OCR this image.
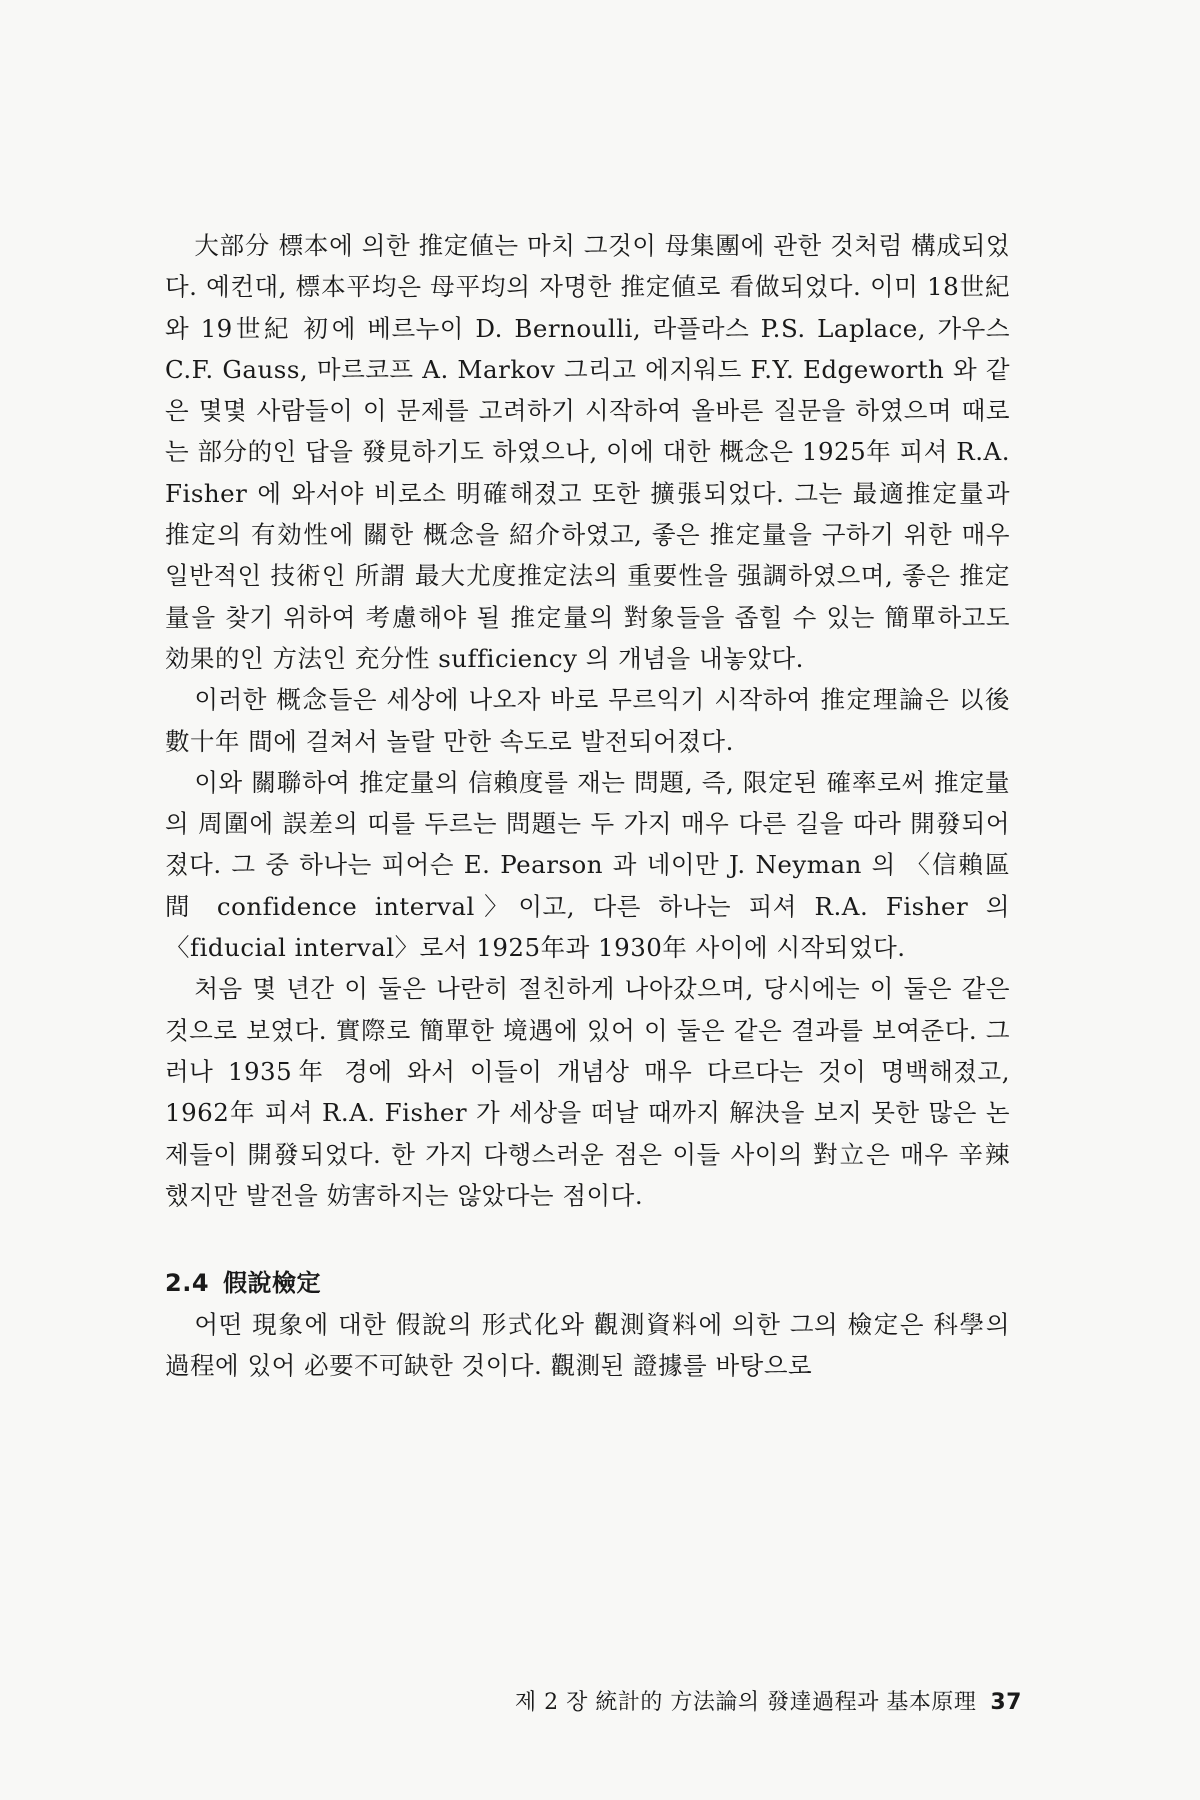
大部分 標本에 의한 推定値는 마치 그것이 母集團에 관한 것처럼 構成되었다. 예컨대, 標本平均은 母平均의 자명한 推定値로 看做되었다. 이미 18世紀와 19世紀 初에 베르누이 D. Bernoulli, 라플라스 P.S. Laplace, 가우스 C.F. Gauss, 마르코프 A. Markov 그리고 에지워드 F.Y. Edgeworth 와 같은 몇몇 사람들이 이 문제를 고려하기 시작하여 올바른 질문을 하였으며 때로는 部分的인 답을 發見하기도 하였으나, 이에 대한 概念은 1925年 피셔 R.A. Fisher 에 와서야 비로소 明確해졌고 또한 擴張되었다. 그는 最適推定量과 推定의 有効性에 關한 概念을 紹介하였고, 좋은 推定量을 구하기 위한 매우 일반적인 技術인 所謂 最大尤度推定法의 重要性을 强調하였으며, 좋은 推定量을 찾기 위하여 考慮해야 될 推定量의 對象들을 좁힐 수 있는 簡單하고도 効果的인 方法인 充分性 sufficiency 의 개념을 내놓았다.

이러한 概念들은 세상에 나오자 바로 무르익기 시작하여 推定理論은 以後 數十年 間에 걸쳐서 놀랄 만한 속도로 발전되어졌다.

이와 關聯하여 推定量의 信賴度를 재는 問題, 즉, 限定된 確率로써 推定量의 周圍에 誤差의 띠를 두르는 問題는 두 가지 매우 다른 길을 따라 開發되어졌다. 그 중 하나는 피어슨 E. Pearson 과 네이만 J. Neyman 의 〈信賴區間 confidence interval〉이고, 다른 하나는 피셔 R.A. Fisher 의 〈fiducial interval〉로서 1925年과 1930年 사이에 시작되었다.

처음 몇 년간 이 둘은 나란히 절친하게 나아갔으며, 당시에는 이 둘은 같은 것으로 보였다. 實際로 簡單한 境遇에 있어 이 둘은 같은 결과를 보여준다. 그러나 1935年 경에 와서 이들이 개념상 매우 다르다는 것이 명백해졌고, 1962年 피셔 R.A. Fisher 가 세상을 떠날 때까지 解決을 보지 못한 많은 논제들이 開發되었다. 한 가지 다행스러운 점은 이들 사이의 對立은 매우 辛辣했지만 발전을 妨害하지는 않았다는 점이다.

2.4 假說檢定

어떤 現象에 대한 假說의 形式化와 觀測資料에 의한 그의 檢定은 科學의 過程에 있어 必要不可缺한 것이다. 觀測된 證據를 바탕으로

제 2 장 統計的 方法論의 發達過程과 基本原理 37
